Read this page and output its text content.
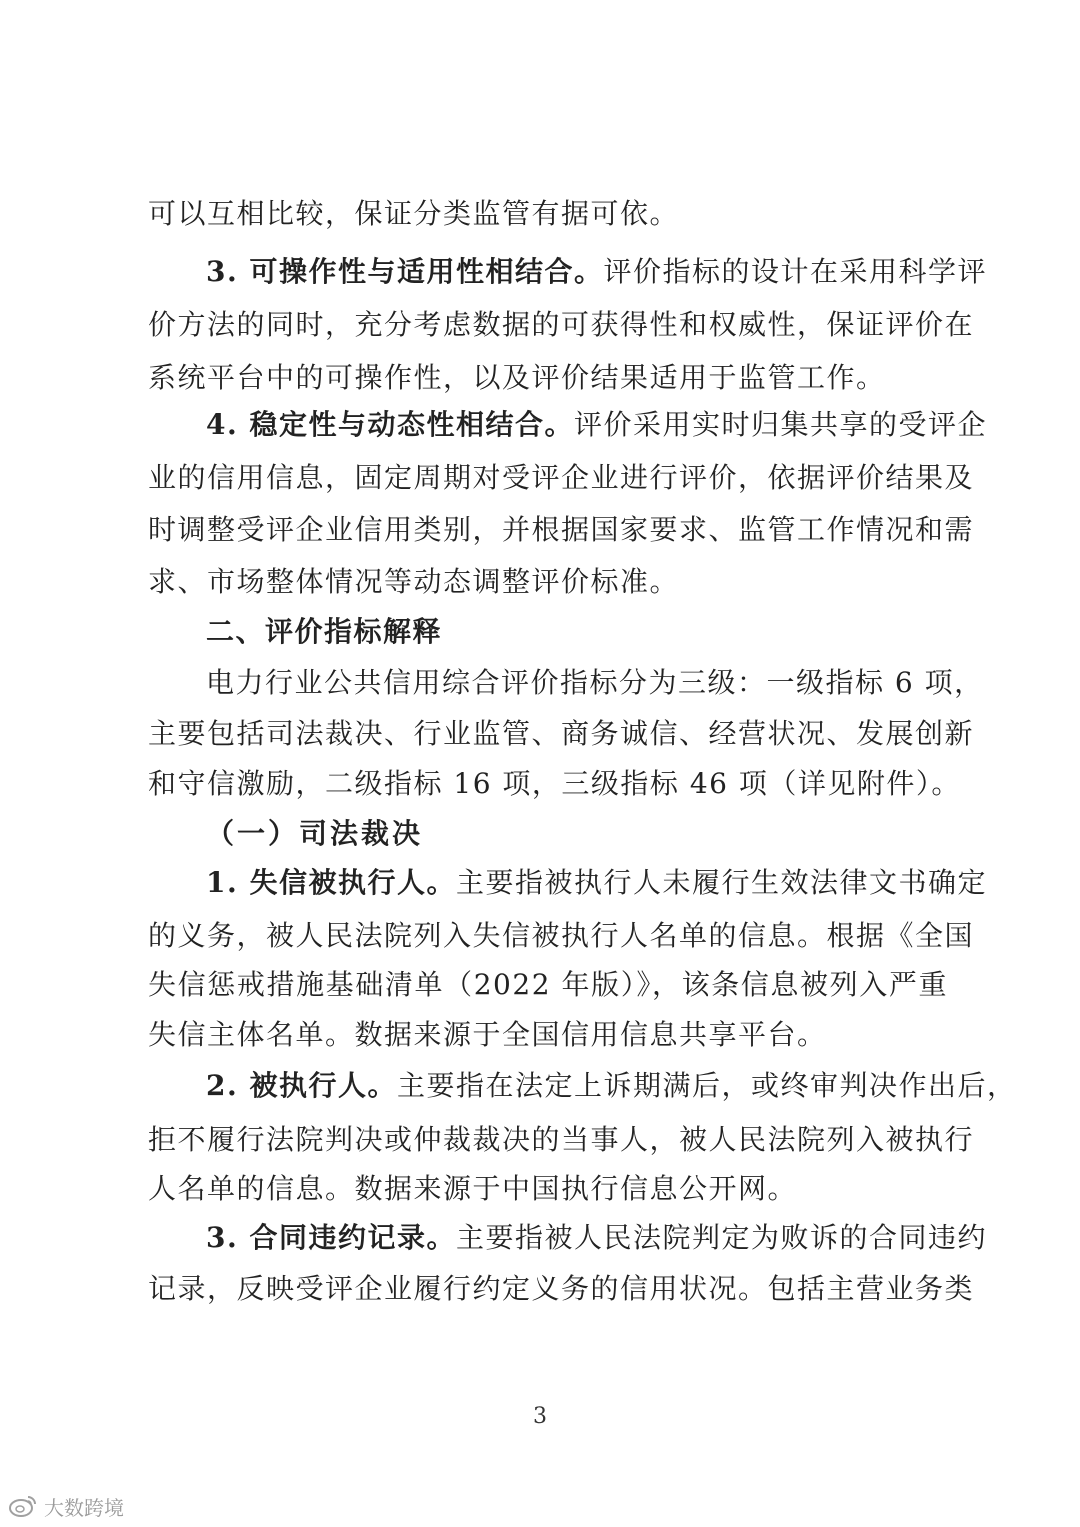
可以互相比较，保证分类监管有据可依。
3. 可操作性与适用性相结合。评价指标的设计在采用科学评
价方法的同时，充分考虑数据的可获得性和权威性，保证评价在
系统平台中的可操作性，以及评价结果适用于监管工作。
4. 稳定性与动态性相结合。评价采用实时归集共享的受评企
业的信用信息，固定周期对受评企业进行评价，依据评价结果及
时调整受评企业信用类别，并根据国家要求、监管工作情况和需
求、市场整体情况等动态调整评价标准。
二、评价指标解释
电力行业公共信用综合评价指标分为三级：一级指标 6 项，
主要包括司法裁决、行业监管、商务诚信、经营状况、发展创新
和守信激励，二级指标 16 项，三级指标 46 项（详见附件）。
（一）司法裁决
1. 失信被执行人。主要指被执行人未履行生效法律文书确定
的义务，被人民法院列入失信被执行人名单的信息。根据《全国
失信惩戒措施基础清单（2022 年版）》，该条信息被列入严重
失信主体名单。数据来源于全国信用信息共享平台。
2. 被执行人。主要指在法定上诉期满后，或终审判决作出后，
拒不履行法院判决或仲裁裁决的当事人，被人民法院列入被执行
人名单的信息。数据来源于中国执行信息公开网。
3. 合同违约记录。主要指被人民法院判定为败诉的合同违约
记录，反映受评企业履行约定义务的信用状况。包括主营业务类
3
大数跨境
